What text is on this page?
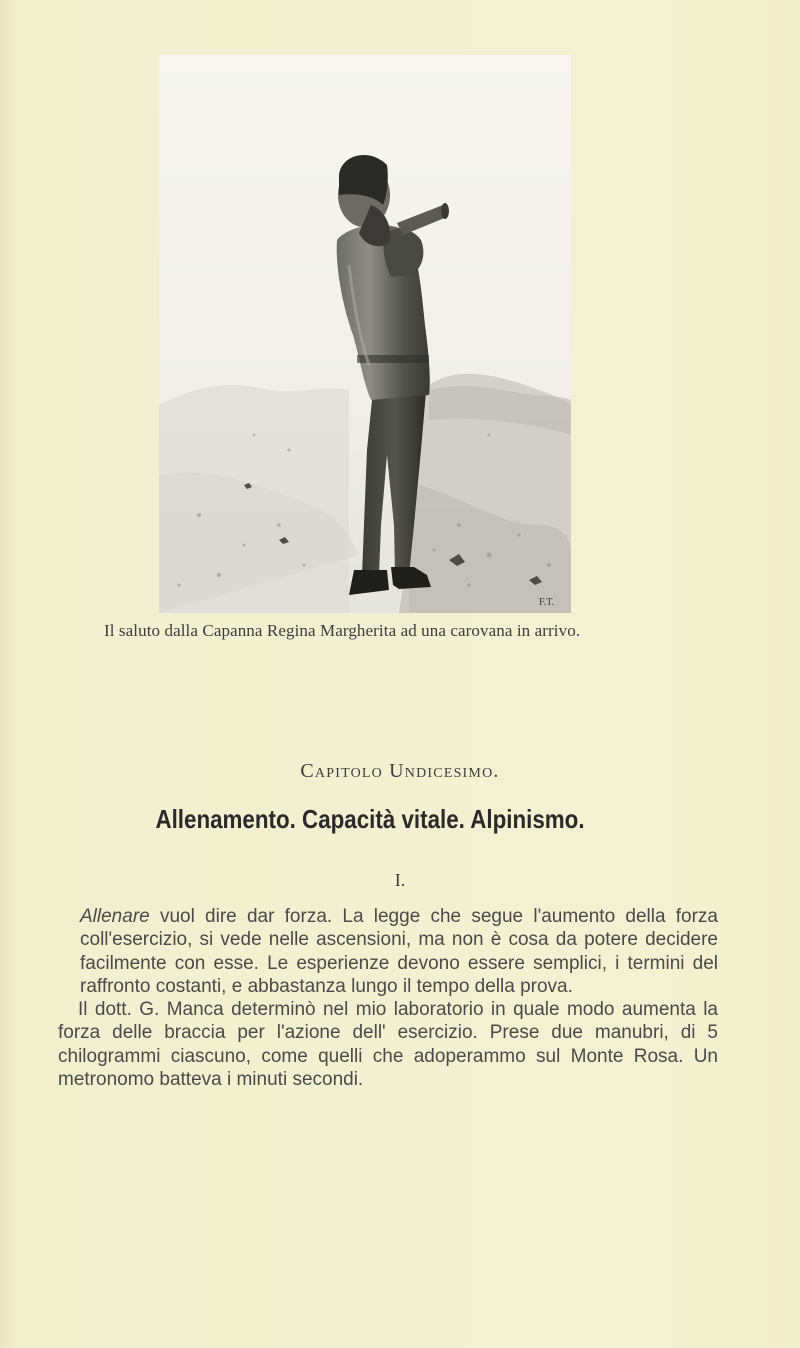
F.T.
Il saluto dalla Capanna Regina Margherita ad una carovana in arrivo.
Capitolo Undicesimo.
Allenamento. Capacità vitale. Alpinismo.
I.

Allenare vuol dire dar forza. La legge che segue l'aumento della forza coll'esercizio, si vede nelle ascensioni, ma non è cosa da potere decidere facilmente con esse. Le esperienze devono essere semplici, i termini del raffronto costanti, e abbastanza lungo il tempo della prova.

Il dott. G. Manca determinò nel mio laboratorio in quale modo aumenta la forza delle braccia per l'azione dell' esercizio. Prese due manubri, di 5 chilogrammi ciascuno, come quelli che adoperammo sul Monte Rosa. Un metronomo batteva i minuti secondi.
